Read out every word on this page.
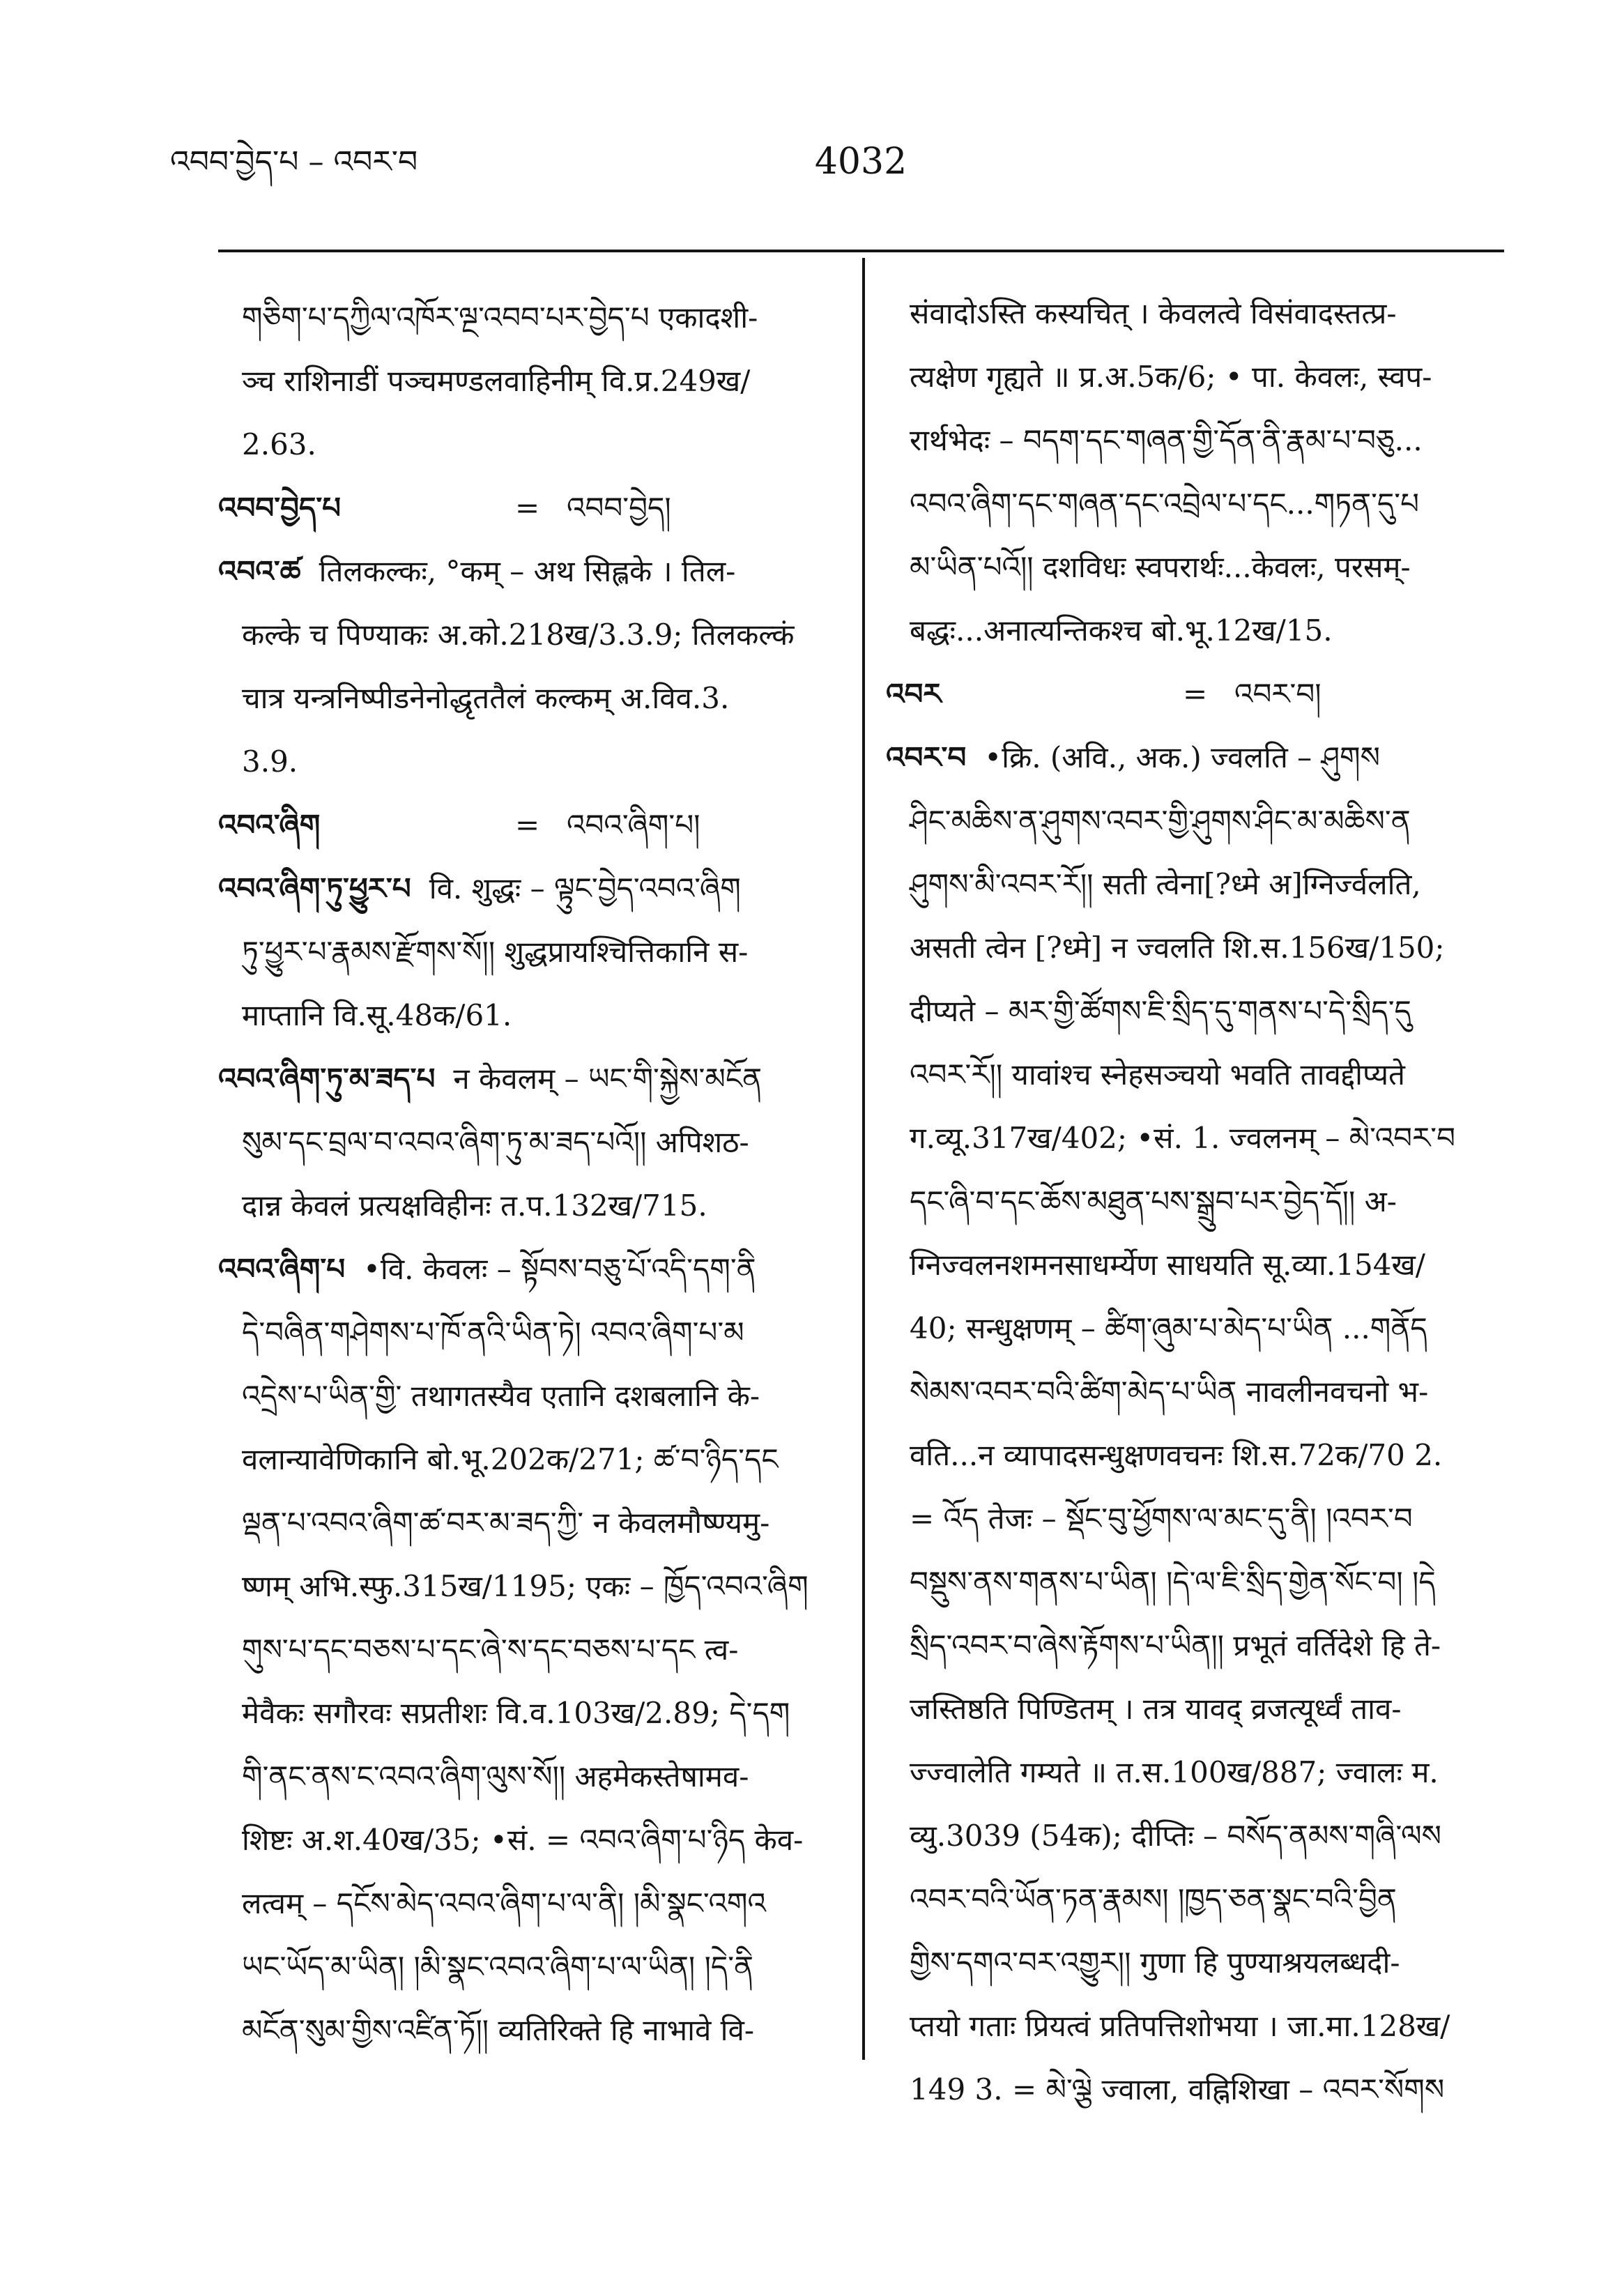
འབབ་བྱེད་པ – འབར་བ	4032
གཅིག་པ་དཀྱིལ་འཁོར་ལྔ་འབབ་པར་བྱེད་པ एकादशी-
ञ्च राशिनाडीं पञ्चमण्डलवाहिनीम् वि.प्र.249ख/
2.63.
འབབ་བྱེད་པ	= འབབ་བྱེད།
འབའ་ཚ तिलकल्कः, °कम् – अथ सिह्लके । तिल-
कल्के च पिण्याकः अ.को.218ख/3.3.9; तिलकल्कं
चात्र यन्त्रनिष्पीडनेनोद्धृततैलं कल्कम् अ.विव.3.
3.9.
འབའ་ཞིག	= འབའ་ཞིག་པ།
འབའ་ཞིག་ཏུ་ཕྱུར་པ वि. शुद्धः – ལྟུང་བྱེད་འབའ་ཞིག
ཏུ་ཕྱུར་པ་རྣམས་རྫོགས་སོ།། शुद्धप्रायश्चित्तिकानि स-
माप्तानि वि.सू.48क/61.
འབའ་ཞིག་ཏུ་མ་ཟད་པ न केवलम् – ཡང་གི་སྐྱེས་མངོན
སུམ་དང་བྲལ་བ་འབའ་ཞིག་ཏུ་མ་ཟད་པའོ།། अपिशठ-
दान्न केवलं प्रत्यक्षविहीनः त.प.132ख/715.
འབའ་ཞིག་པ •वि. केवलः – སྟོབས་བཅུ་པོ་འདི་དག་ནི
དེ་བཞིན་གཤེགས་པ་ཁོ་ནའི་ཡིན་ཏེ། འབའ་ཞིག་པ་མ
འདྲེས་པ་ཡིན་གྱི་ तथागतस्यैव एतानि दशबलानि के-
वलान्यावेणिकानि बो.भू.202क/271; ཚ་བ་ཉིད་དང
ལྡན་པ་འབའ་ཞིག་ཚ་བར་མ་ཟད་ཀྱི་ न केवलमौष्ण्यमु-
ष्णम् अभि.स्फु.315ख/1195; एकः – ཁྱོད་འབའ་ཞིག
གུས་པ་དང་བཅས་པ་དང་ཞེ་ས་དང་བཅས་པ་དང त्व-
मेवैकः सगौरवः सप्रतीशः वि.व.103ख/2.89; དེ་དག
གི་ནང་ནས་ང་འབའ་ཞིག་ལུས་སོ།། अहमेकस्तेषामव-
शिष्टः अ.श.40ख/35; •सं. = འབའ་ཞིག་པ་ཉིད केव-
लत्वम् – དངོས་མེད་འབའ་ཞིག་པ་ལ་ནི། །མི་སྣང་འགའ
ཡང་ཡོད་མ་ཡིན། །མི་སྣང་འབའ་ཞིག་པ་ལ་ཡིན། །དེ་ནི
མངོན་སུམ་གྱིས་འཛིན་ཏོ།། व्यतिरिक्ते हि नाभावे वि-
संवादोऽस्ति कस्यचित् । केवलत्वे विसंवादस्तत्प्र-
त्यक्षेण गृह्यते ॥ प्र.अ.5क/6; • पा. केवलः, स्वप-
रार्थभेदः – བདག་དང་གཞན་གྱི་དོན་ནི་རྣམ་པ་བཅུ...
འབའ་ཞིག་དང་གཞན་དང་འབྲེལ་པ་དང...གཏན་དུ་པ
མ་ཡིན་པའོ།། दशविधः स्वपरार्थः...केवलः, परसम्-
बद्धः...अनात्यन्तिकश्च बो.भू.12ख/15.
འབར	= འབར་བ།
འབར་བ •क्रि. (अवि., अक.) ज्वलति – ཤུགས
ཤིང་མཆིས་ན་ཤུགས་འབར་གྱི་ཤུགས་ཤིང་མ་མཆིས་ན
ཤུགས་མི་འབར་རོ།། सती त्वेना[?ध्मे अ]ग्निर्ज्वलति,
असती त्वेन [?ध्मे] न ज्वलति शि.स.156ख/150;
दीप्यते – མར་གྱི་ཚོགས་ཇི་སྲིད་དུ་གནས་པ་དེ་སྲིད་དུ
འབར་རོ།། यावांश्च स्नेहसञ्चयो भवति तावद्दीप्यते
ग.व्यू.317ख/402; •सं. 1. ज्वलनम् – མེ་འབར་བ
དང་ཞི་བ་དང་ཆོས་མཐུན་པས་སྒྲུབ་པར་བྱེད་དོ།། अ-
ग्निज्वलनशमनसाधर्म्येण साधयति सू.व्या.154ख/
40; सन्धुक्षणम् – ཚིག་ཞུམ་པ་མེད་པ་ཡིན ...གནོད
སེམས་འབར་བའི་ཚིག་མེད་པ་ཡིན नावलीनवचनो भ-
वति...न व्यापादसन्धुक्षणवचनः शि.स.72क/70 2.
= འོད तेजः – སྡོང་བུ་ཕྱོགས་ལ་མང་དུ་ནི། །འབར་བ
བསྡུས་ནས་གནས་པ་ཡིན། །དེ་ལ་ཇི་སྲིད་གྱེན་སོང་བ། །དེ
སྲིད་འབར་བ་ཞེས་རྟོགས་པ་ཡིན།། प्रभूतं वर्तिदेशे हि ते-
जस्तिष्ठति पिण्डितम् । तत्र यावद् व्रजत्यूर्ध्वं ताव-
ज्ज्वालेति गम्यते ॥ त.स.100ख/887; ज्वालः म.
व्यु.3039 (54क); दीप्तिः – བསོད་ནམས་གཞི་ལས
འབར་བའི་ཡོན་ཏན་རྣམས། །ཁྱད་ཅན་སྣང་བའི་བྱིན
གྱིས་དགའ་བར་འགྱུར།། गुणा हि पुण्याश्रयलब्धदी-
प्तयो गताः प्रियत्वं प्रतिपत्तिशोभया । जा.मा.128ख/
149 3. = མེ་ལྕེ ज्वाला, वह्निशिखा – འབར་སོགས
